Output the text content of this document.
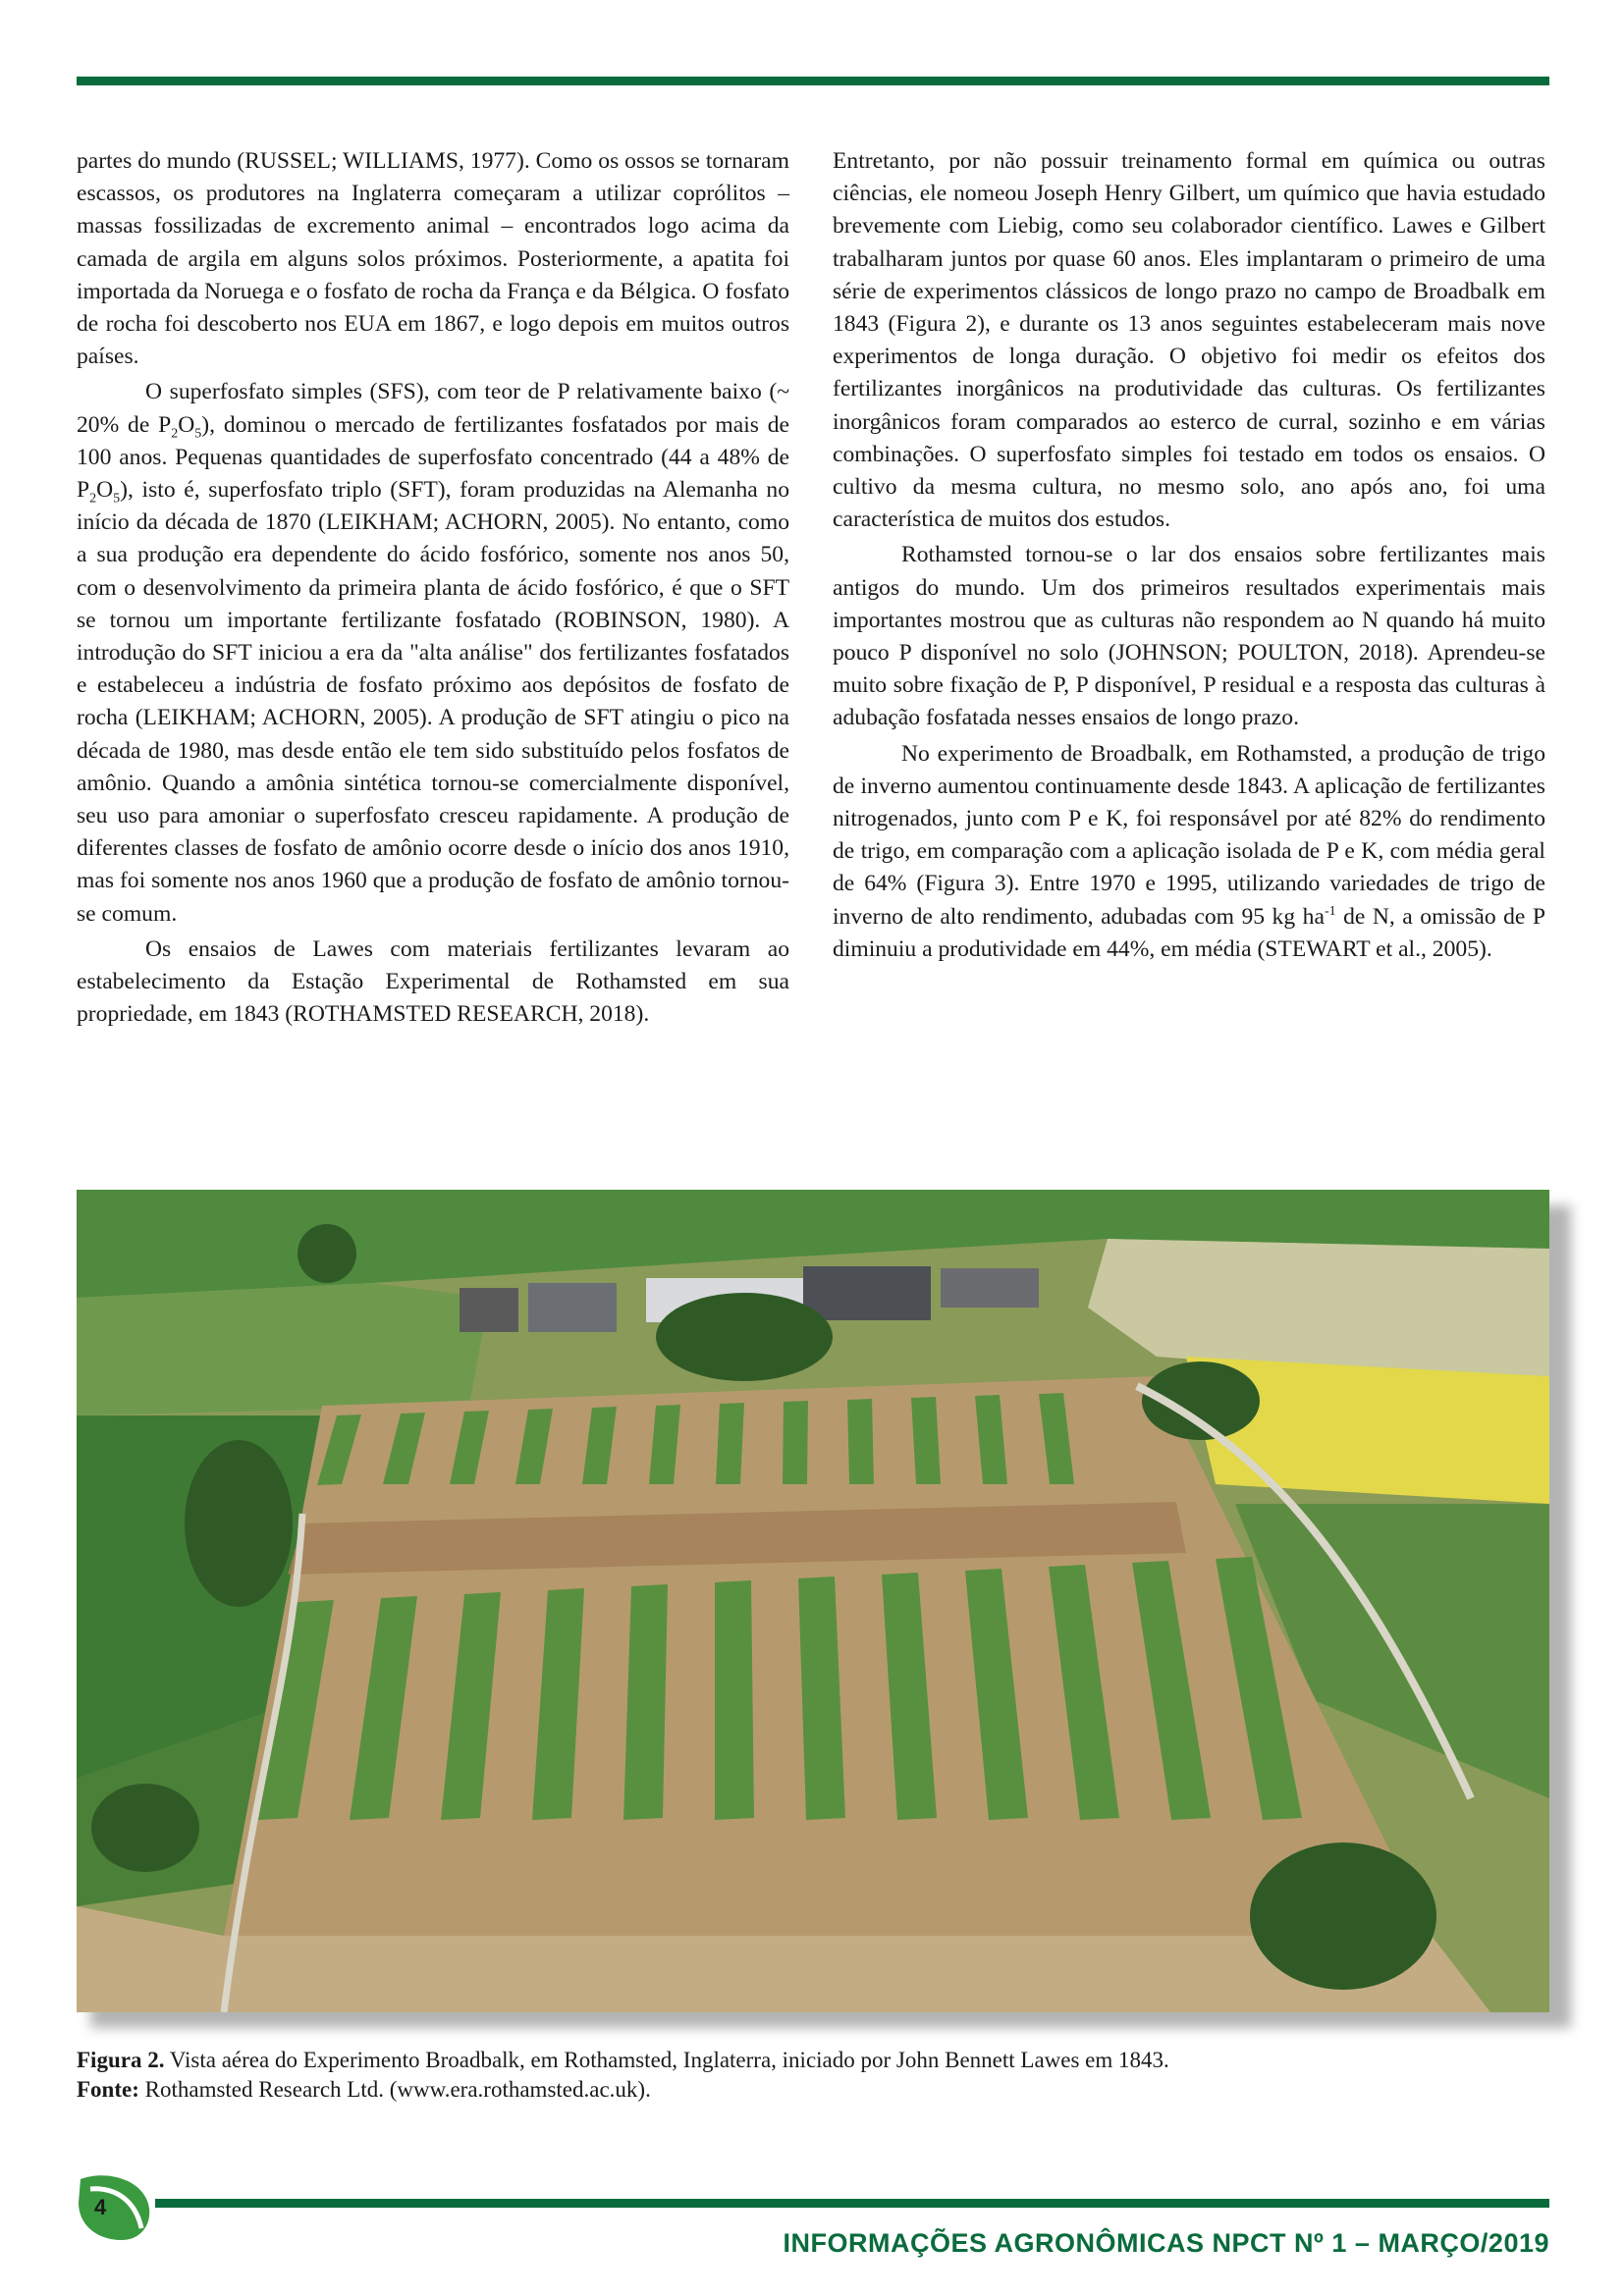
partes do mundo (RUSSEL; WILLIAMS, 1977). Como os ossos se tornaram escassos, os produtores na Inglaterra começaram a utilizar coprólitos – massas fossilizadas de excremento animal – encontrados logo acima da camada de argila em alguns solos próximos. Posteriormente, a apatita foi importada da Noruega e o fosfato de rocha da França e da Bélgica. O fosfato de rocha foi descoberto nos EUA em 1867, e logo depois em muitos outros países.

O superfosfato simples (SFS), com teor de P relativamente baixo (~ 20% de $P_2O_5$), dominou o mercado de fertilizantes fosfatados por mais de 100 anos. Pequenas quantidades de superfosfato concentrado (44 a 48% de $P_2O_5$), isto é, superfosfato triplo (SFT), foram produzidas na Alemanha no início da década de 1870 (LEIKHAM; ACHORN, 2005). No entanto, como a sua produção era dependente do ácido fosfórico, somente nos anos 50, com o desenvolvimento da primeira planta de ácido fosfórico, é que o SFT se tornou um importante fertilizante fosfatado (ROBINSON, 1980). A introdução do SFT iniciou a era da "alta análise" dos fertilizantes fosfatados e estabeleceu a indústria de fosfato próximo aos depósitos de fosfato de rocha (LEIKHAM; ACHORN, 2005). A produção de SFT atingiu o pico na década de 1980, mas desde então ele tem sido substituído pelos fosfatos de amônio. Quando a amônia sintética tornou-se comercialmente disponível, seu uso para amoniar o superfosfato cresceu rapidamente. A produção de diferentes classes de fosfato de amônio ocorre desde o início dos anos 1910, mas foi somente nos anos 1960 que a produção de fosfato de amônio tornou-se comum.

Os ensaios de Lawes com materiais fertilizantes levaram ao estabelecimento da Estação Experimental de Rothamsted em sua propriedade, em 1843 (ROTHAMSTED RESEARCH, 2018).

Entretanto, por não possuir treinamento formal em química ou outras ciências, ele nomeou Joseph Henry Gilbert, um químico que havia estudado brevemente com Liebig, como seu colaborador científico. Lawes e Gilbert trabalharam juntos por quase 60 anos. Eles implantaram o primeiro de uma série de experimentos clássicos de longo prazo no campo de Broadbalk em 1843 (Figura 2), e durante os 13 anos seguintes estabeleceram mais nove experimentos de longa duração. O objetivo foi medir os efeitos dos fertilizantes inorgânicos na produtividade das culturas. Os fertilizantes inorgânicos foram comparados ao esterco de curral, sozinho e em várias combinações. O superfosfato simples foi testado em todos os ensaios. O cultivo da mesma cultura, no mesmo solo, ano após ano, foi uma característica de muitos dos estudos.

Rothamsted tornou-se o lar dos ensaios sobre fertilizantes mais antigos do mundo. Um dos primeiros resultados experimentais mais importantes mostrou que as culturas não respondem ao N quando há muito pouco P disponível no solo (JOHNSON; POULTON, 2018). Aprendeu-se muito sobre fixação de P, P disponível, P residual e a resposta das culturas à adubação fosfatada nesses ensaios de longo prazo.

No experimento de Broadbalk, em Rothamsted, a produção de trigo de inverno aumentou continuamente desde 1843. A aplicação de fertilizantes nitrogenados, junto com P e K, foi responsável por até 82% do rendimento de trigo, em comparação com a aplicação isolada de P e K, com média geral de 64% (Figura 3). Entre 1970 e 1995, utilizando variedades de trigo de inverno de alto rendimento, adubadas com 95 kg $ha^{-1}$ de N, a omissão de P diminuiu a produtividade em 44%, em média (STEWART et al., 2005).

Figura 2. Vista aérea do Experimento Broadbalk, em Rothamsted, Inglaterra, iniciado por John Bennett Lawes em 1843.
Fonte: Rothamsted Research Ltd. (www.era.rothamsted.ac.uk).
4
INFORMAÇÕES AGRONÔMICAS NPCT Nº 1 – MARÇO/2019
